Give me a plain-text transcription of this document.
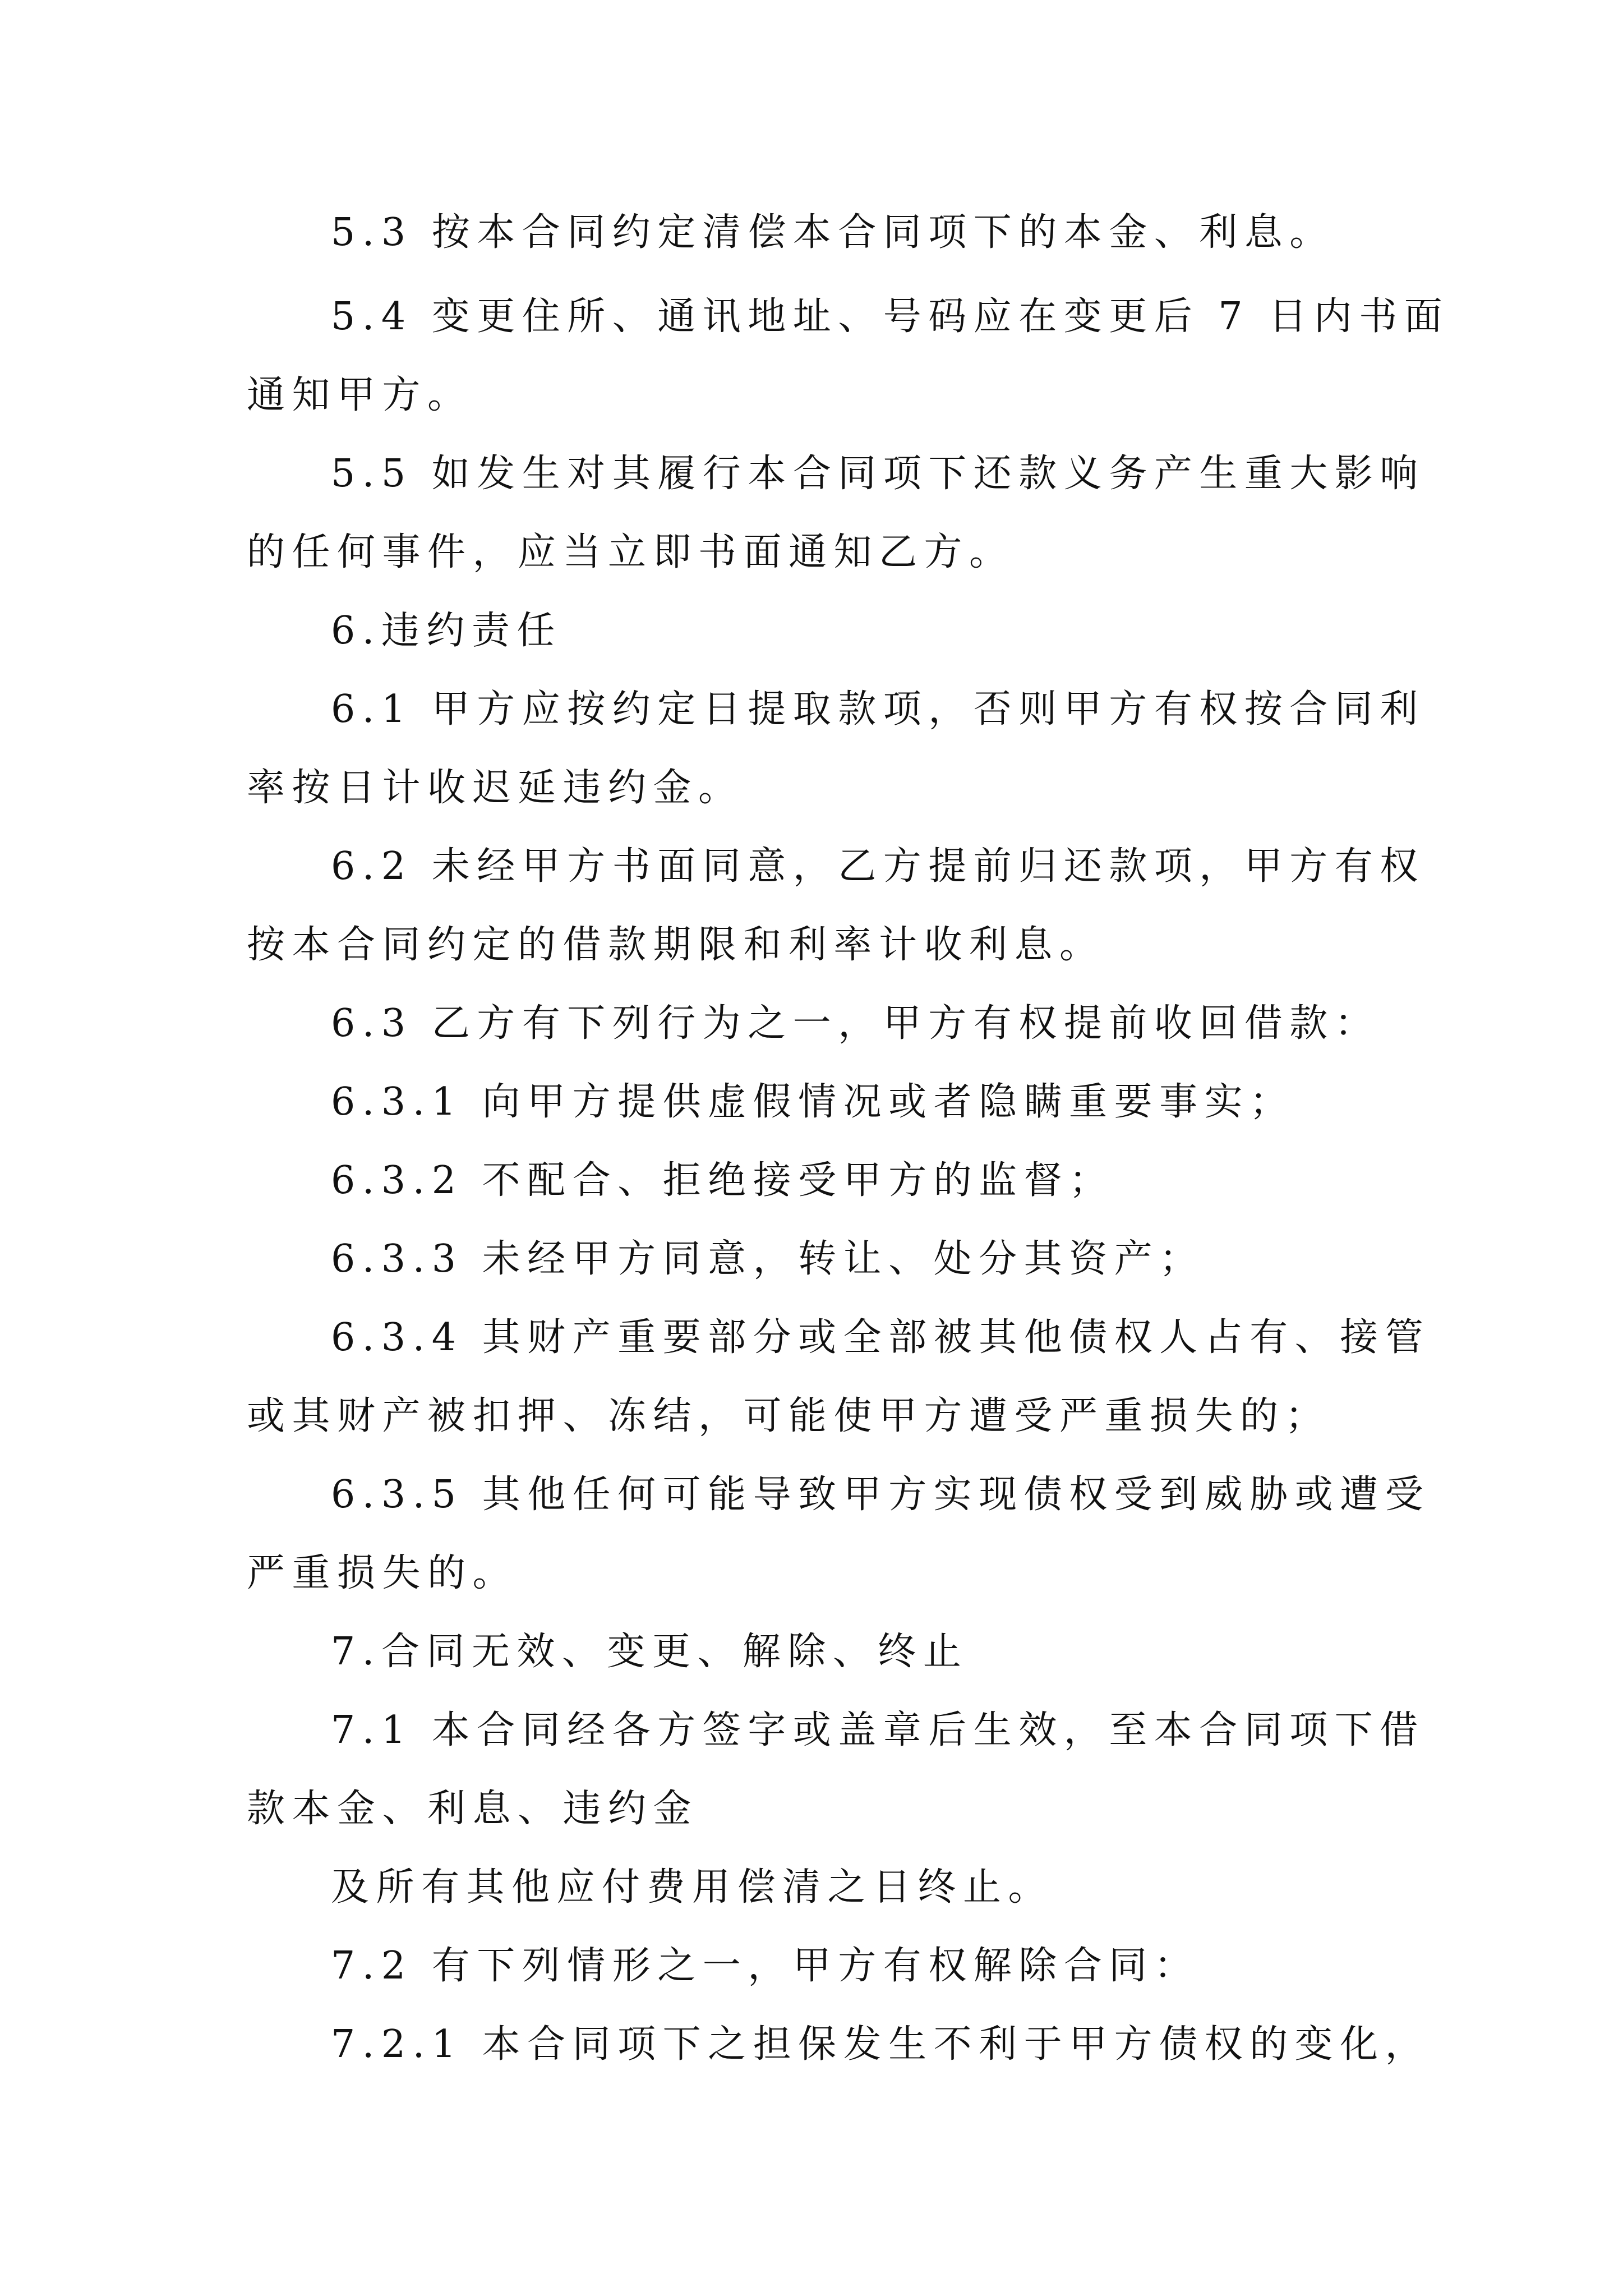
5.3 按本合同约定清偿本合同项下的本金、利息。
5.4 变更住所、通讯地址、号码应在变更后 7 日内书面
通知甲方。
5.5 如发生对其履行本合同项下还款义务产生重大影响
的任何事件，应当立即书面通知乙方。
6.违约责任
6.1 甲方应按约定日提取款项，否则甲方有权按合同利
率按日计收迟延违约金。
6.2 未经甲方书面同意，乙方提前归还款项，甲方有权
按本合同约定的借款期限和利率计收利息。
6.3 乙方有下列行为之一，甲方有权提前收回借款：
6.3.1 向甲方提供虚假情况或者隐瞒重要事实；
6.3.2 不配合、拒绝接受甲方的监督；
6.3.3 未经甲方同意，转让、处分其资产；
6.3.4 其财产重要部分或全部被其他债权人占有、接管
或其财产被扣押、冻结，可能使甲方遭受严重损失的；
6.3.5 其他任何可能导致甲方实现债权受到威胁或遭受
严重损失的。
7.合同无效、变更、解除、终止
7.1 本合同经各方签字或盖章后生效，至本合同项下借
款本金、利息、违约金
及所有其他应付费用偿清之日终止。
7.2 有下列情形之一，甲方有权解除合同：
7.2.1 本合同项下之担保发生不利于甲方债权的变化，
